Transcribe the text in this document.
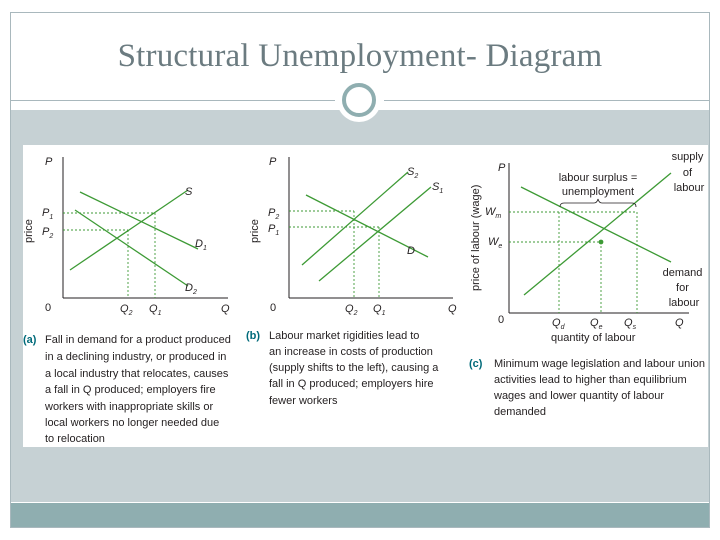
Structural Unemployment- Diagram
P
Q
0
price
$P_1$
$P_2$
$Q_2$ $Q_1$
S
$D_1$
$D_2$
(a) Fall in demand for a product produced in a declining industry, or produced in a local industry that relocates, causes a fall in Q produced; employers fire workers with inappropriate skills or local workers no longer needed due to relocation
P
Q
0
price
$P_2$
$P_1$
$Q_2$ $Q_1$
$S_2$
$S_1$
D
(b) Labour market rigidities lead to an increase in costs of production (supply shifts to the left), causing a fall in Q produced; employers hire fewer workers
P
Q
0
price of labour (wage)
quantity of labour
labour surplus =
unemployment
$W_m$
$W_e$
$Q_d$ $Q_e$ $Q_s$
supply of labour
demand for labour
(c) Minimum wage legislation and labour union activities lead to higher than equilibrium wages and lower quantity of labour demanded
